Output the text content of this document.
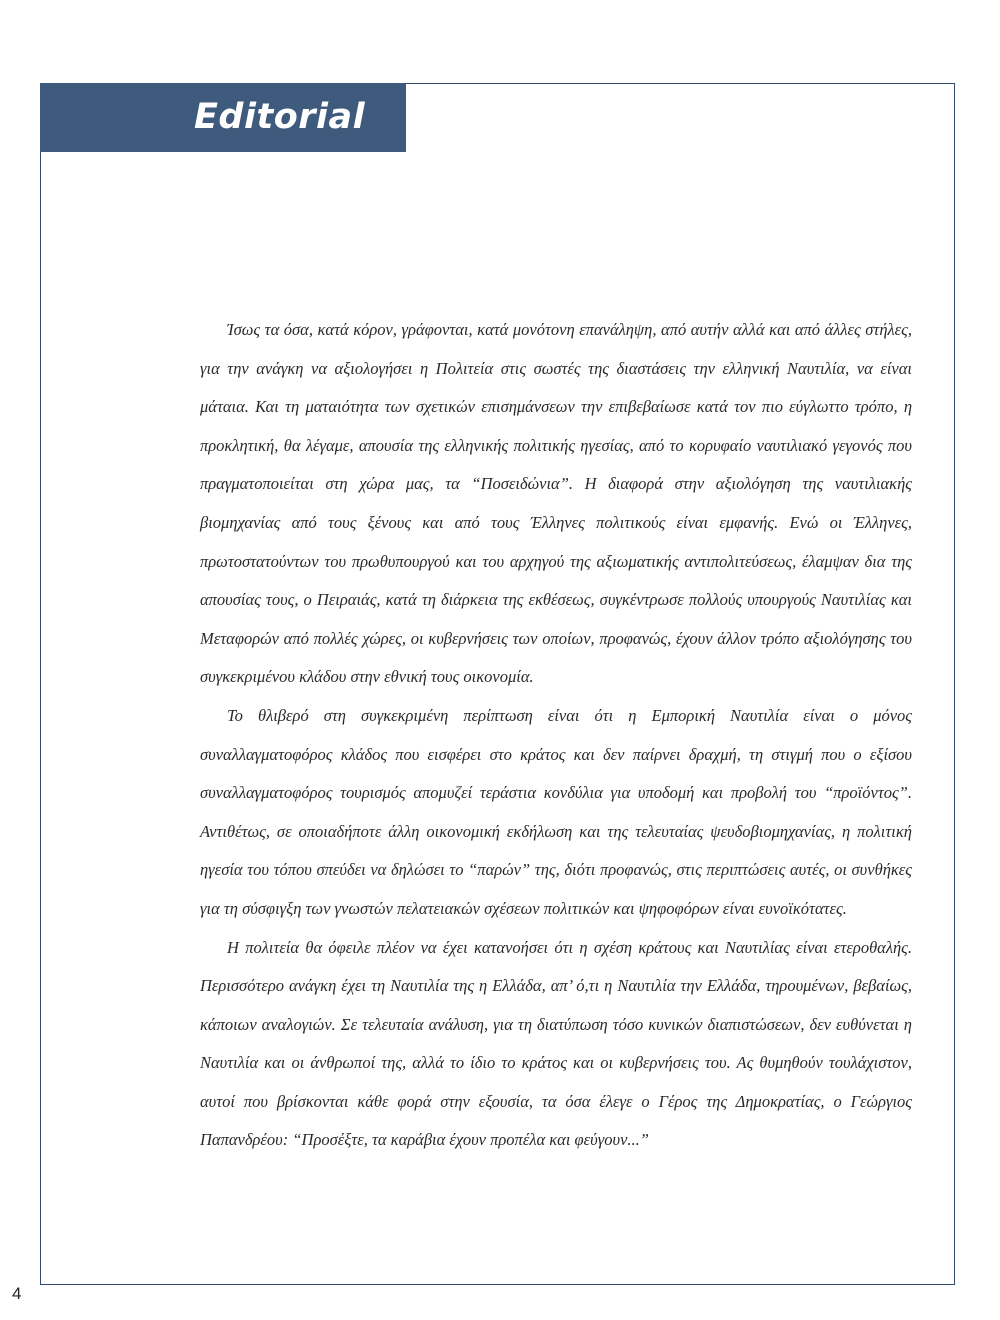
Editorial

Ίσως τα όσα, κατά κόρον, γράφονται, κατά μονότονη επανάληψη, από αυτήν αλλά και από άλλες στήλες, για την ανάγκη να αξιολογήσει η Πολιτεία στις σωστές της διαστάσεις την ελληνική Ναυτιλία, να είναι μάταια. Και τη ματαιότητα των σχετικών επισημάνσεων την επιβεβαίωσε κατά τον πιο εύγλωττο τρόπο, η προκλητική, θα λέγαμε, απουσία της ελληνικής πολιτικής ηγεσίας, από το κορυφαίο ναυτιλιακό γεγονός που πραγματοποιείται στη χώρα μας, τα “Ποσειδώνια”. Η διαφορά στην αξιολόγηση της ναυτιλιακής βιομηχανίας από τους ξένους και από τους Έλληνες πολιτικούς είναι εμφανής. Ενώ οι Έλληνες, πρωτοστατούντων του πρωθυπουργού και του αρχηγού της αξιωματικής αντιπολιτεύσεως, έλαμψαν δια της απουσίας τους, ο Πειραιάς, κατά τη διάρκεια της εκθέσεως, συγκέντρωσε πολλούς υπουργούς Ναυτιλίας και Μεταφορών από πολλές χώρες, οι κυβερνήσεις των οποίων, προφανώς, έχουν άλλον τρόπο αξιολόγησης του συγκεκριμένου κλάδου στην εθνική τους οικονομία.

Το θλιβερό στη συγκεκριμένη περίπτωση είναι ότι η Εμπορική Ναυτιλία είναι ο μόνος συναλλαγματοφόρος κλάδος που εισφέρει στο κράτος και δεν παίρνει δραχμή, τη στιγμή που ο εξίσου συναλλαγματοφόρος τουρισμός απομυζεί τεράστια κονδύλια για υποδομή και προβολή του “προϊόντος”. Αντιθέτως, σε οποιαδήποτε άλλη οικονομική εκδήλωση και της τελευταίας ψευδοβιομηχανίας, η πολιτική ηγεσία του τόπου σπεύδει να δηλώσει το “παρών” της, διότι προφανώς, στις περιπτώσεις αυτές, οι συνθήκες για τη σύσφιγξη των γνωστών πελατειακών σχέσεων πολιτικών και ψηφοφόρων είναι ευνοϊκότατες.

Η πολιτεία θα όφειλε πλέον να έχει κατανοήσει ότι η σχέση κράτους και Ναυτιλίας είναι ετεροθαλής. Περισσότερο ανάγκη έχει τη Ναυτιλία της η Ελλάδα, απ’ ό,τι η Ναυτιλία την Ελλάδα, τηρουμένων, βεβαίως, κάποιων αναλογιών. Σε τελευταία ανάλυση, για τη διατύπωση τόσο κυνικών διαπιστώσεων, δεν ευθύνεται η Ναυτιλία και οι άνθρωποί της, αλλά το ίδιο το κράτος και οι κυβερνήσεις του. Ας θυμηθούν τουλάχιστον, αυτοί που βρίσκονται κάθε φορά στην εξουσία, τα όσα έλεγε ο Γέρος της Δημοκρατίας, ο Γεώργιος Παπανδρέου: “Προσέξτε, τα καράβια έχουν προπέλα και φεύγουν...”

4
